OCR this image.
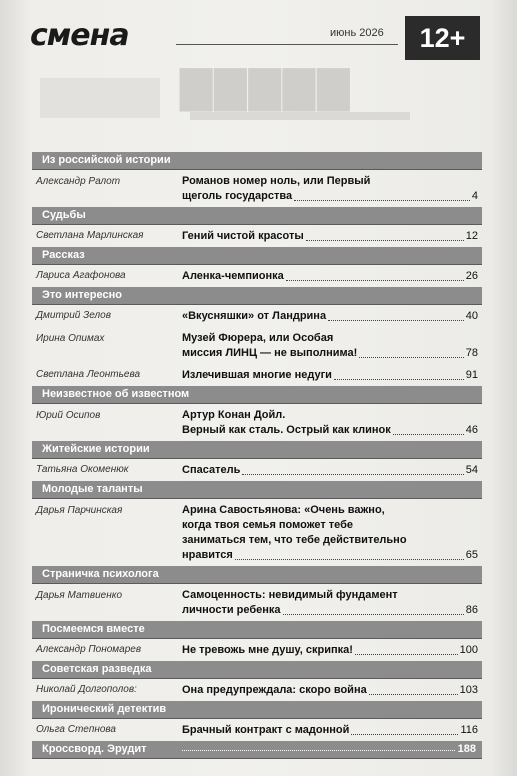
▇▇▇▇▇
смена	июнь 2026	12+
Из российской истории
Александр Ралот	Романов номер ноль, или Первый
щеголь государства	4
Судьбы
Светлана Марлинская	Гений чистой красоты	12
Рассказ
Лариса Агафонова	Аленка-чемпионка	26
Это интересно
Дмитрий Зелов	«Вкусняшки» от Ландрина	40
Ирина Опимах	Музей Фюрера, или Особая
миссия ЛИНЦ — не выполнима!	78
Светлана Леонтьева	Излечившая многие недуги	91
Неизвестное об известном
Юрий Осипов	Артур Конан Дойл.
Верный как сталь. Острый как клинок	46
Житейские истории
Татьяна Окоменюк	Спасатель	54
Молодые таланты
Дарья Парчинская	Арина Савостьянова: «Очень важно,
когда твоя семья поможет тебе
заниматься тем, что тебе действительно
нравится	65
Страничка психолога
Дарья Матвиенко	Самоценность: невидимый фундамент
личности ребенка	86
Посмеемся вместе
Александр Пономарев	Не тревожь мне душу, скрипка!	100
Советская разведка
Николай Долгополов:	Она предупреждала: скоро война	103
Иронический детектив
Ольга Степнова	Брачный контракт с мадонной	116
Кроссворд. Эрудит	188
